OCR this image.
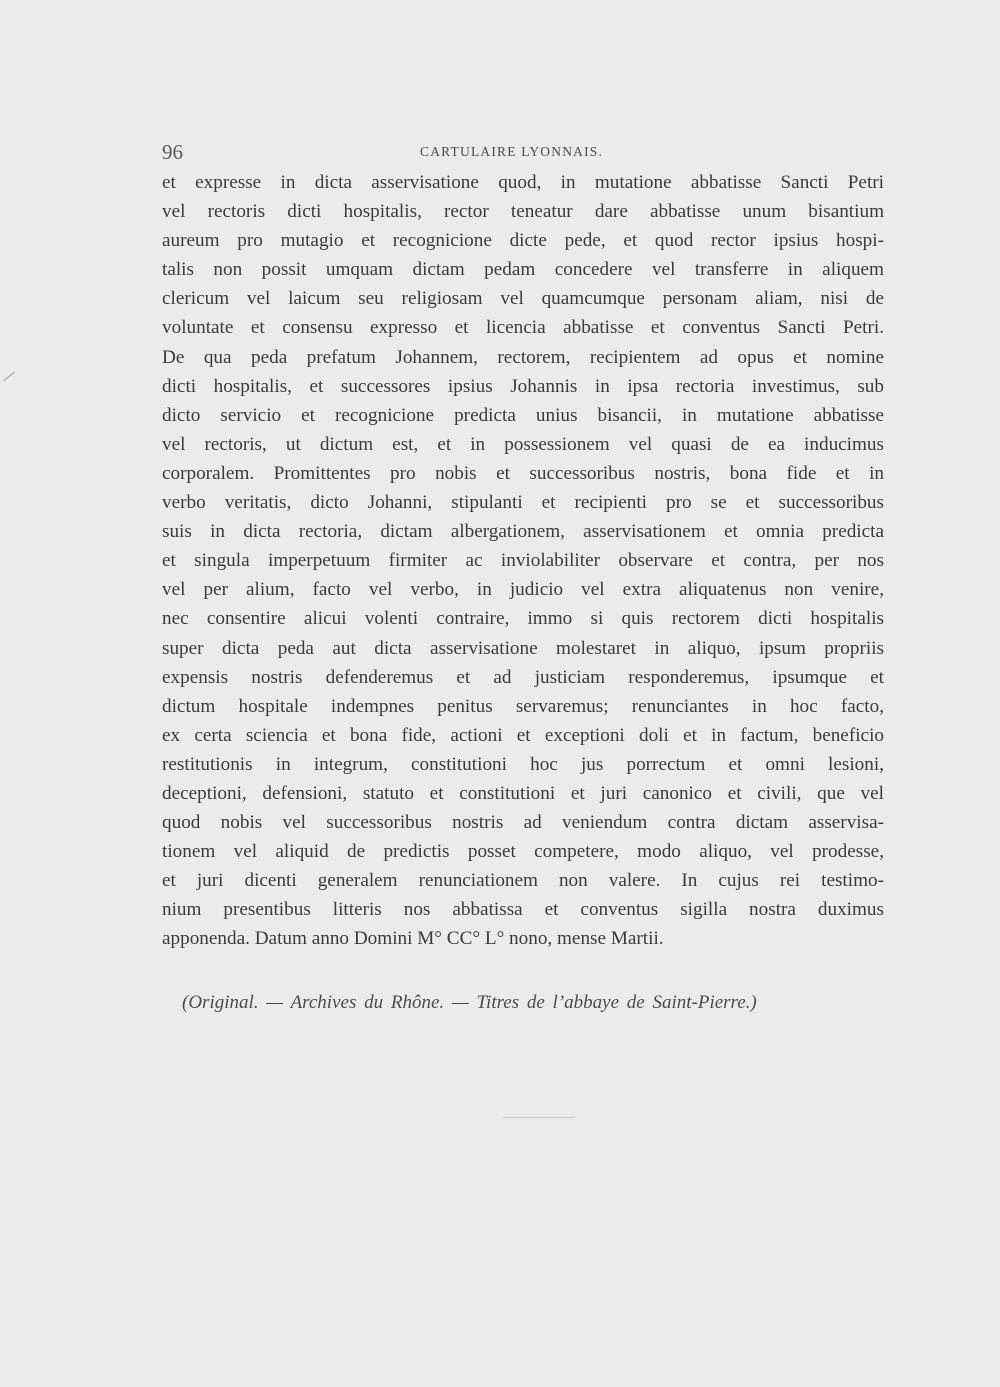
96	CARTULAIRE LYONNAIS.
et expresse in dicta asservisatione quod, in mutatione abbatisse Sancti Petri
vel rectoris dicti hospitalis, rector teneatur dare abbatisse unum bisantium
aureum pro mutagio et recognicione dicte pede, et quod rector ipsius hospi-
talis non possit umquam dictam pedam concedere vel transferre in aliquem
clericum vel laicum seu religiosam vel quamcumque personam aliam, nisi de
voluntate et consensu expresso et licencia abbatisse et conventus Sancti Petri.
De qua peda prefatum Johannem, rectorem, recipientem ad opus et nomine
dicti hospitalis, et successores ipsius Johannis in ipsa rectoria investimus, sub
dicto servicio et recognicione predicta unius bisancii, in mutatione abbatisse
vel rectoris, ut dictum est, et in possessionem vel quasi de ea inducimus
corporalem. Promittentes pro nobis et successoribus nostris, bona fide et in
verbo veritatis, dicto Johanni, stipulanti et recipienti pro se et successoribus
suis in dicta rectoria, dictam albergationem, asservisationem et omnia predicta
et singula imperpetuum firmiter ac inviolabiliter observare et contra, per nos
vel per alium, facto vel verbo, in judicio vel extra aliquatenus non venire,
nec consentire alicui volenti contraire, immo si quis rectorem dicti hospitalis
super dicta peda aut dicta asservisatione molestaret in aliquo, ipsum propriis
expensis nostris defenderemus et ad justiciam responderemus, ipsumque et
dictum hospitale indempnes penitus servaremus; renunciantes in hoc facto,
ex certa sciencia et bona fide, actioni et exceptioni doli et in factum, beneficio
restitutionis in integrum, constitutioni hoc jus porrectum et omni lesioni,
deceptioni, defensioni, statuto et constitutioni et juri canonico et civili, que vel
quod nobis vel successoribus nostris ad veniendum contra dictam asservisa-
tionem vel aliquid de predictis posset competere, modo aliquo, vel prodesse,
et juri dicenti generalem renunciationem non valere. In cujus rei testimo-
nium presentibus litteris nos abbatissa et conventus sigilla nostra duximus
apponenda. Datum anno Domini M° CC° L° nono, mense Martii.
(Original. — Archives du Rhône. — Titres de l’abbaye de Saint-Pierre.)
